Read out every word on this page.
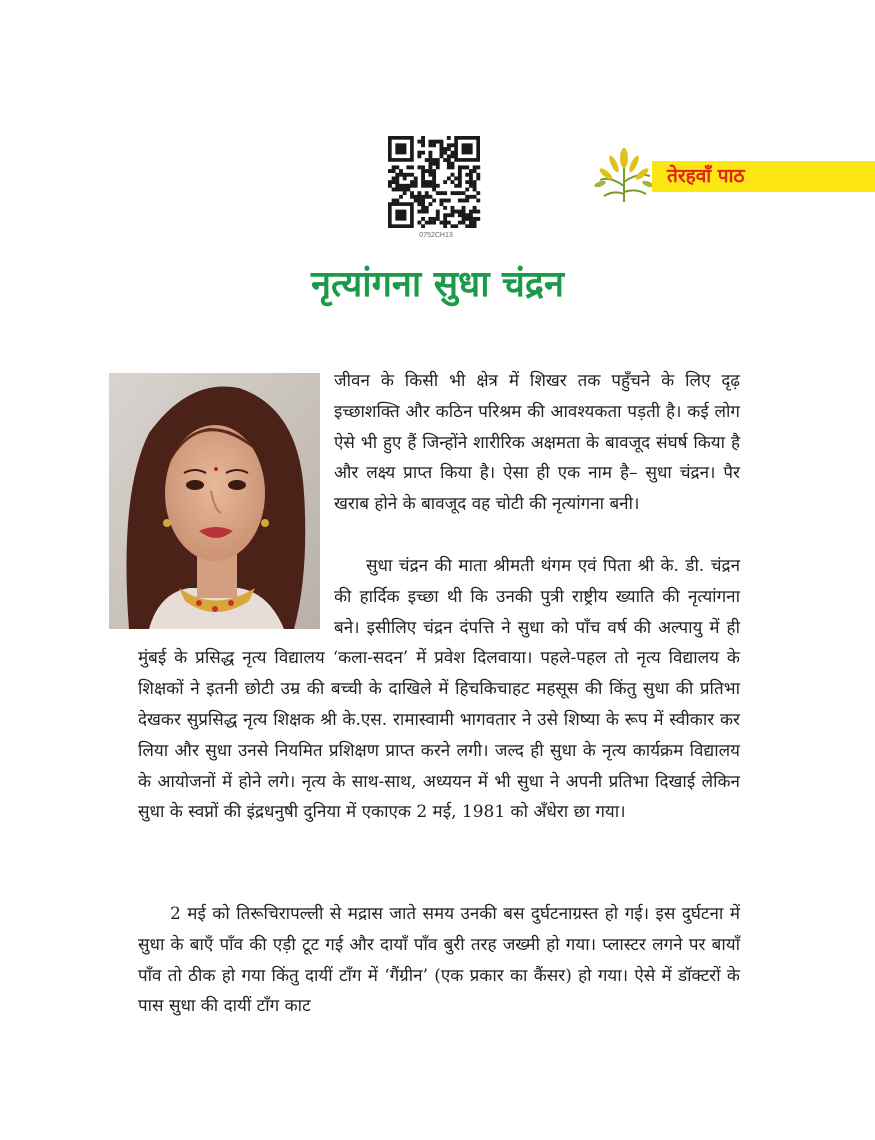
0752CH13
तेरहवाँ पाठ
नृत्यांगना सुधा चंद्रन

जीवन के किसी भी क्षेत्र में शिखर तक पहुँचने के लिए दृढ़ इच्छाशक्ति और कठिन परिश्रम की आवश्यकता पड़ती है। कई लोग ऐसे भी हुए हैं जिन्होंने शारीरिक अक्षमता के बावजूद संघर्ष किया है और लक्ष्य प्राप्त किया है। ऐसा ही एक नाम है– सुधा चंद्रन। पैर खराब होने के बावजूद वह चोटी की नृत्यांगना बनी।

सुधा चंद्रन की माता श्रीमती थंगम एवं पिता श्री के. डी. चंद्रन की हार्दिक इच्छा थी कि उनकी पुत्री राष्ट्रीय ख्याति की नृत्यांगना बने। इसीलिए चंद्रन दंपत्ति ने सुधा को पाँच वर्ष की अल्पायु में ही मुंबई के प्रसिद्ध नृत्य विद्यालय ‘कला-सदन’ में प्रवेश दिलवाया। पहले-पहल तो नृत्य विद्यालय के शिक्षकों ने इतनी छोटी उम्र की बच्ची के दाखिले में हिचकिचाहट महसूस की किंतु सुधा की प्रतिभा देखकर सुप्रसिद्ध नृत्य शिक्षक श्री के.एस. रामास्वामी भागवतार ने उसे शिष्या के रूप में स्वीकार कर लिया और सुधा उनसे नियमित प्रशिक्षण प्राप्त करने लगी। जल्द ही सुधा के नृत्य कार्यक्रम विद्यालय के आयोजनों में होने लगे। नृत्य के साथ-साथ, अध्ययन में भी सुधा ने अपनी प्रतिभा दिखाई लेकिन सुधा के स्वप्नों की इंद्रधनुषी दुनिया में एकाएक 2 मई, 1981 को अँधेरा छा गया।

2 मई को तिरूचिरापल्ली से मद्रास जाते समय उनकी बस दुर्घटनाग्रस्त हो गई। इस दुर्घटना में सुधा के बाएँ पाँव की एड़ी टूट गई और दायाँ पाँव बुरी तरह जख्मी हो गया। प्लास्टर लगने पर बायाँ पाँव तो ठीक हो गया किंतु दायीं टाँग में ‘गैंग्रीन’ (एक प्रकार का कैंसर) हो गया। ऐसे में डॉक्टरों के पास सुधा की दायीं टाँग काट
